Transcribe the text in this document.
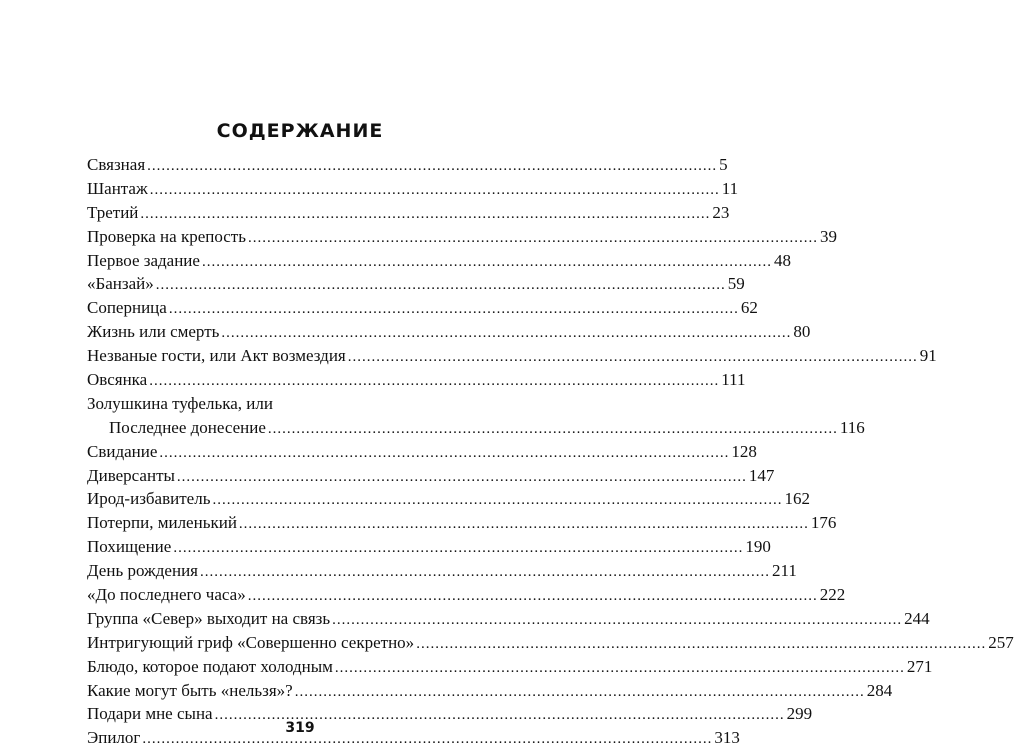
СОДЕРЖАНИЕ
Связная ........................................................................................................................ 5
Шантаж ........................................................................................................................ 11
Третий ........................................................................................................................ 23
Проверка на крепость ........................................................................................................................ 39
Первое задание ........................................................................................................................ 48
«Банзай» ........................................................................................................................ 59
Соперница ........................................................................................................................ 62
Жизнь или смерть ........................................................................................................................ 80
Незваные гости, или Акт возмездия ........................................................................................................................ 91
Овсянка ........................................................................................................................ 111
Золушкина туфелька, или
Последнее донесение ........................................................................................................................ 116
Свидание ........................................................................................................................ 128
Диверсанты ........................................................................................................................ 147
Ирод-избавитель ........................................................................................................................ 162
Потерпи, миленький ........................................................................................................................ 176
Похищение ........................................................................................................................ 190
День рождения ........................................................................................................................ 211
«До последнего часа» ........................................................................................................................ 222
Группа «Север» выходит на связь ........................................................................................................................ 244
Интригующий гриф «Совершенно секретно» ........................................................................................................................ 257
Блюдо, которое подают холодным ........................................................................................................................ 271
Какие могут быть «нельзя»? ........................................................................................................................ 284
Подари мне сына ........................................................................................................................ 299
Эпилог ........................................................................................................................ 313
319
